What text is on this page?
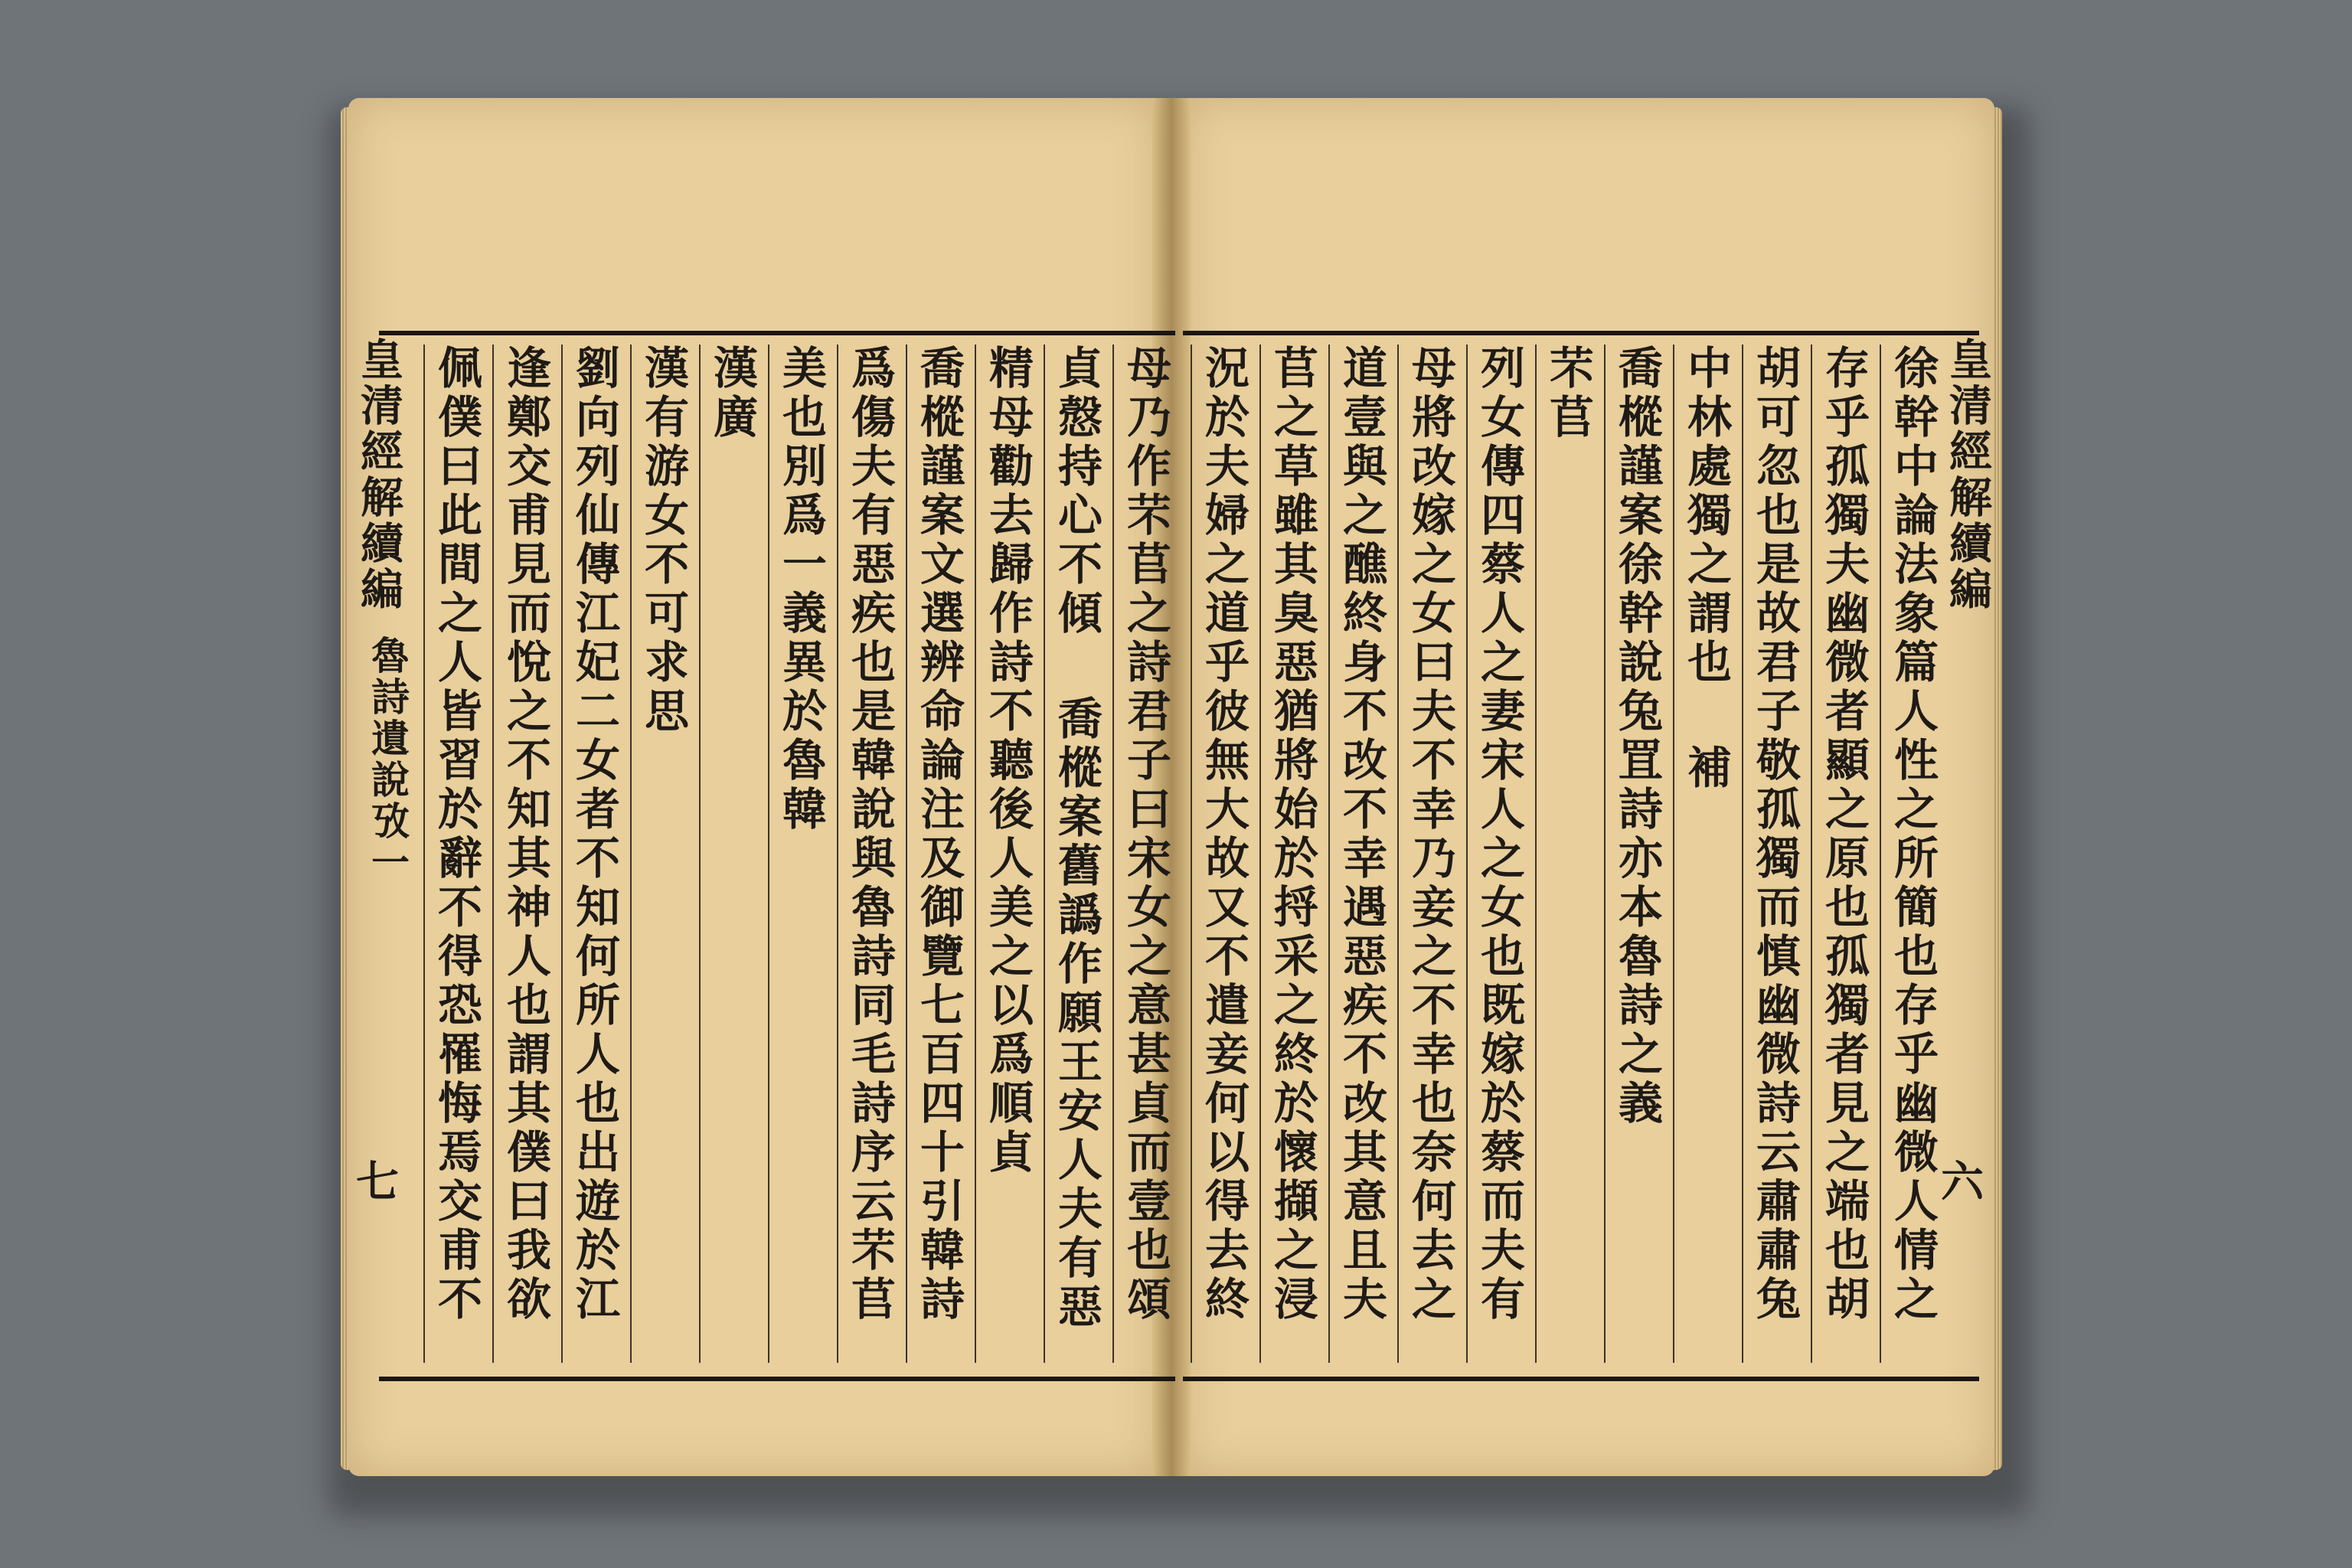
皇清經解續編
魯詩遺說攷一
七
母乃作芣苢之詩君子曰宋女之意甚貞而壹也頌
貞慤持心不傾 喬樅案舊譌作願王安人夫有惡
精母勸去歸作詩不聽後人美之以爲順貞
喬樅謹案文選辨命論注及御覽七百四十引韓詩
爲傷夫有惡疾也是韓說與魯詩同毛詩序云芣苢
美也別爲一義異於魯韓
漢廣
漢有游女不可求思
劉向列仙傳江妃二女者不知何所人也出遊於江
逢鄭交甫見而悅之不知其神人也謂其僕曰我欲
佩僕曰此間之人皆習於辭不得恐罹悔焉交甫不
皇清經解續編
六
徐幹中論法象篇人性之所簡也存乎幽微人情之
存乎孤獨夫幽微者顯之原也孤獨者見之端也胡
胡可忽也是故君子敬孤獨而慎幽微詩云肅肅兔
中林處獨之謂也 補
喬樅謹案徐幹說兔罝詩亦本魯詩之義
芣苢
列女傳四蔡人之妻宋人之女也既嫁於蔡而夫有
母將改嫁之女曰夫不幸乃妾之不幸也奈何去之
道壹與之醮終身不改不幸遇惡疾不改其意且夫
苢之草雖其臭惡猶將始於捋采之終於懷擷之浸
況於夫婦之道乎彼無大故又不遣妾何以得去終
